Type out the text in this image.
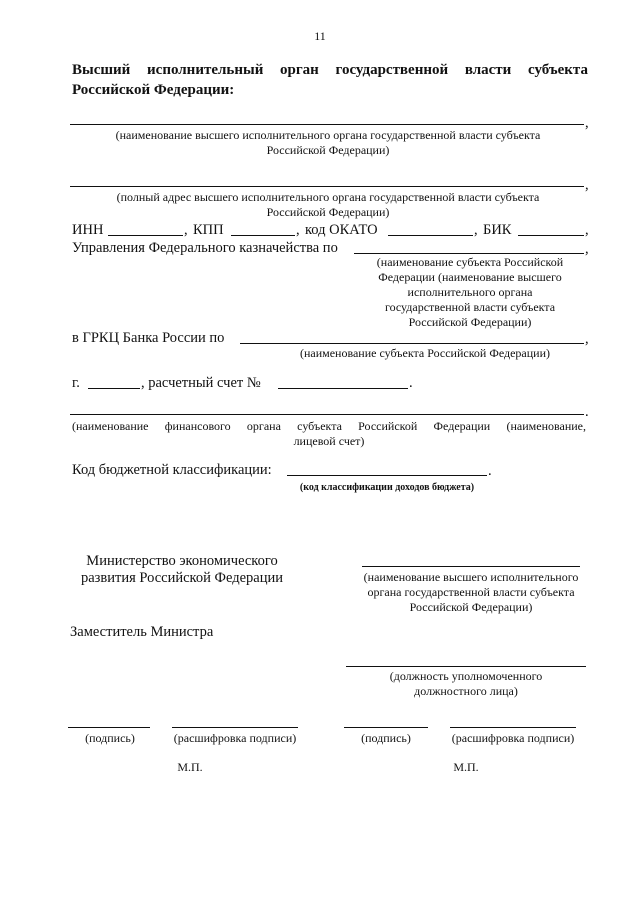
11
Высший исполнительный орган государственной власти субъекта
Российской Федерации:
,
(наименование высшего исполнительного органа государственной власти субъекта
Российской Федерации)
,
(полный адрес высшего исполнительного органа государственной власти субъекта
Российской Федерации)
ИНН	, КПП	, код ОКАТО	, БИК	,
Управления Федерального казначейства по	,
(наименование субъекта Российской
Федерации (наименование высшего
исполнительного органа
государственной власти субъекта
Российской Федерации)
в ГРКЦ Банка России по	,
(наименование субъекта Российской Федерации)
г.	, расчетный счет №	.
.
(наименование финансового органа субъекта Российской Федерации (наименование,
лицевой счет)
Код бюджетной классификации:	.
(код классификации доходов бюджета)
Министерство экономического
развития Российской Федерации
Заместитель Министра
(наименование высшего исполнительного
органа государственной власти субъекта
Российской Федерации)
(должность уполномоченного
должностного лица)
(подпись)	(расшифровка подписи)	(подпись)	(расшифровка подписи)
М.П.	М.П.
